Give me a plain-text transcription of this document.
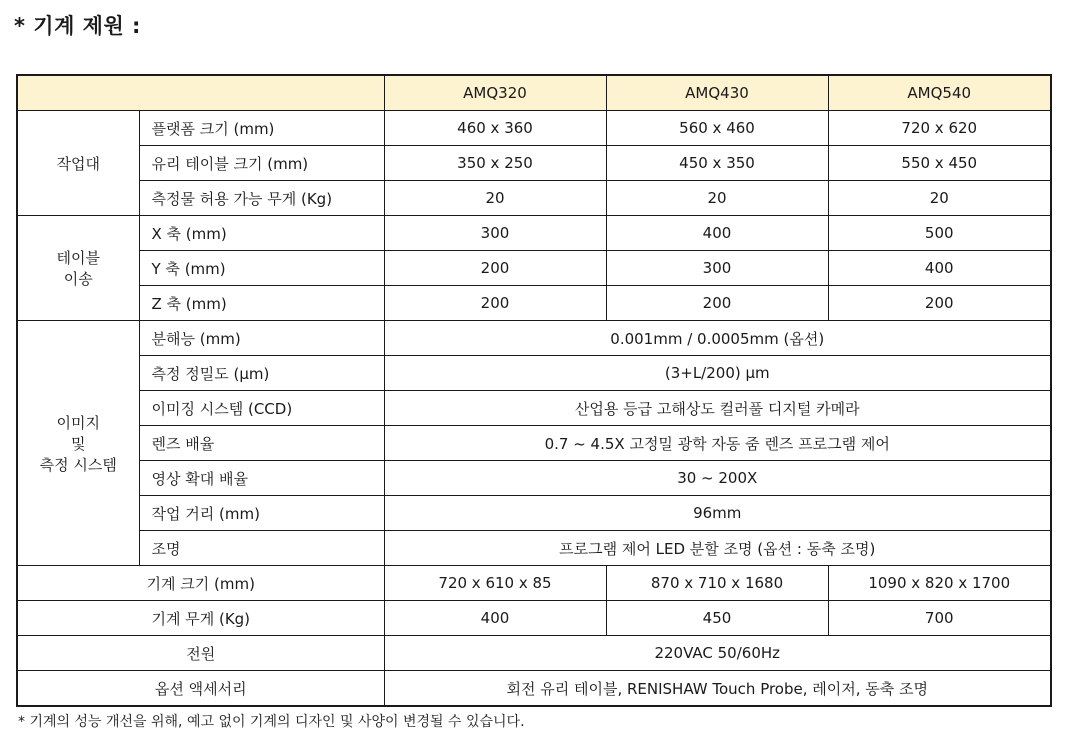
* 기계 제원 :
		AMQ320	AMQ430	AMQ540
작업대	플랫폼 크기 (mm)	460 x 360	560 x 460	720 x 620
	유리 테이블 크기 (mm)	350 x 250	450 x 350	550 x 450
	측정물 허용 가능 무게 (Kg)	20	20	20

테이블
이송	X 축 (mm)	300	400	500
	Y 축 (mm)	200	300	400
	Z 축 (mm)	200	200	200

이미지
및
측정 시스템	분해능 (mm)	0.001mm / 0.0005mm (옵션)		
	측정 정밀도 (μm)	(3+L/200) μm		
	이미징 시스템 (CCD)	산업용 등급 고해상도 컬러풀 디지털 카메라		
	렌즈 배율	0.7 ~ 4.5X 고정밀 광학 자동 줌 렌즈 프로그램 제어		
	영상 확대 배율	30 ~ 200X		
	작업 거리 (mm)	96mm		
	조명	프로그램 제어 LED 분할 조명 (옵션 : 동축 조명)		
기계 크기 (mm)		720 x 610 x 85	870 x 710 x 1680	1090 x 820 x 1700
기계 무게 (Kg)		400	450	700
전원		220VAC 50/60Hz		
옵션 액세서리		회전 유리 테이블, RENISHAW Touch Probe, 레이저, 동축 조명		
* 기계의 성능 개선을 위해, 예고 없이 기계의 디자인 및 사양이 변경될 수 있습니다.
